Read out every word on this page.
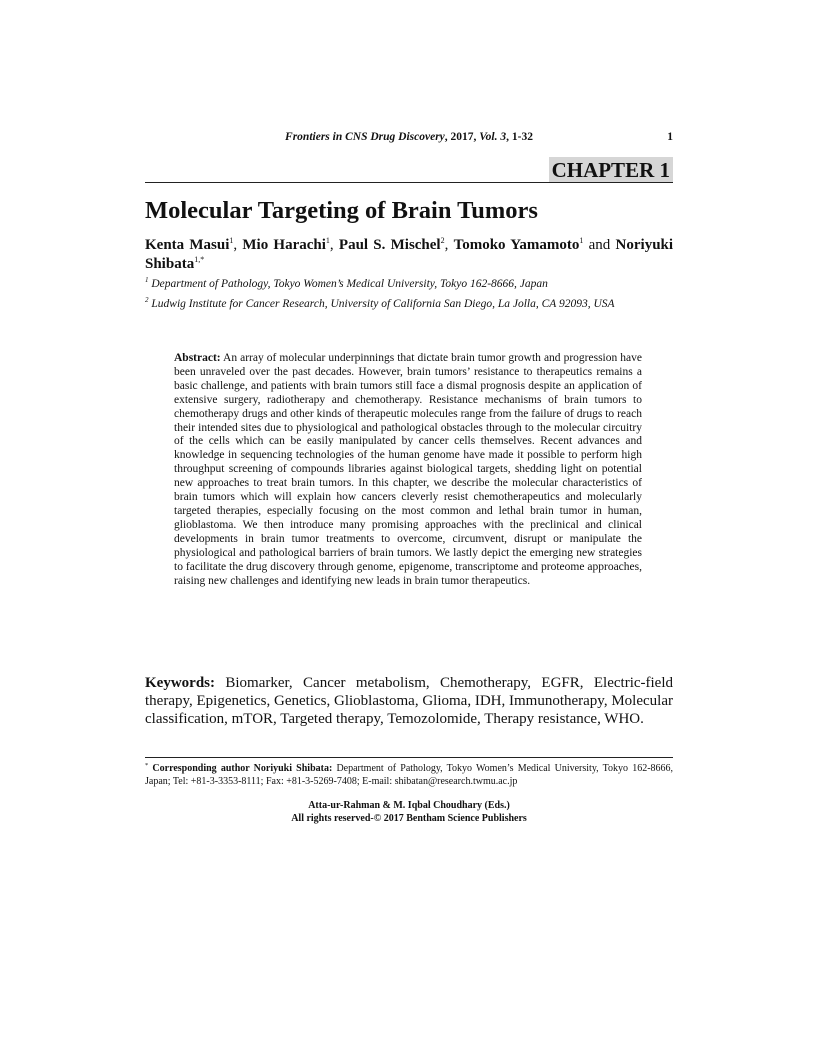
Frontiers in CNS Drug Discovery, 2017, Vol. 3, 1-32	1
CHAPTER 1
Molecular Targeting of Brain Tumors
Kenta Masui$^1$, Mio Harachi$^1$, Paul S. Mischel$^2$, Tomoko Yamamoto$^1$ and Noriyuki Shibata$^{1,*}$
$^1$ Department of Pathology, Tokyo Women’s Medical University, Tokyo 162-8666, Japan
$^2$ Ludwig Institute for Cancer Research, University of California San Diego, La Jolla, CA 92093, USA
Abstract: An array of molecular underpinnings that dictate brain tumor growth and progression have been unraveled over the past decades. However, brain tumors’ resistance to therapeutics remains a basic challenge, and patients with brain tumors still face a dismal prognosis despite an application of extensive surgery, radiotherapy and chemotherapy. Resistance mechanisms of brain tumors to chemotherapy drugs and other kinds of therapeutic molecules range from the failure of drugs to reach their intended sites due to physiological and pathological obstacles through to the molecular circuitry of the cells which can be easily manipulated by cancer cells themselves. Recent advances and knowledge in sequencing technologies of the human genome have made it possible to perform high throughput screening of compounds libraries against biological targets, shedding light on potential new approaches to treat brain tumors. In this chapter, we describe the molecular characteristics of brain tumors which will explain how cancers cleverly resist chemotherapeutics and molecularly targeted therapies, especially focusing on the most common and lethal brain tumor in human, glioblastoma. We then introduce many promising approaches with the preclinical and clinical developments in brain tumor treatments to overcome, circumvent, disrupt or manipulate the physiological and pathological barriers of brain tumors. We lastly depict the emerging new strategies to facilitate the drug discovery through genome, epigenome, transcriptome and proteome approaches, raising new challenges and identifying new leads in brain tumor therapeutics.
Keywords: Biomarker, Cancer metabolism, Chemotherapy, EGFR, Electric-field therapy, Epigenetics, Genetics, Glioblastoma, Glioma, IDH, Immunotherapy, Molecular classification, mTOR, Targeted therapy, Temozolomide, Therapy resistance, WHO.
* Corresponding author Noriyuki Shibata: Department of Pathology, Tokyo Women’s Medical University, Tokyo 162-8666, Japan; Tel: +81-3-3353-8111; Fax: +81-3-5269-7408; E-mail: shibatan@research.twmu.ac.jp
Atta-ur-Rahman & M. Iqbal Choudhary (Eds.)
All rights reserved-© 2017 Bentham Science Publishers
